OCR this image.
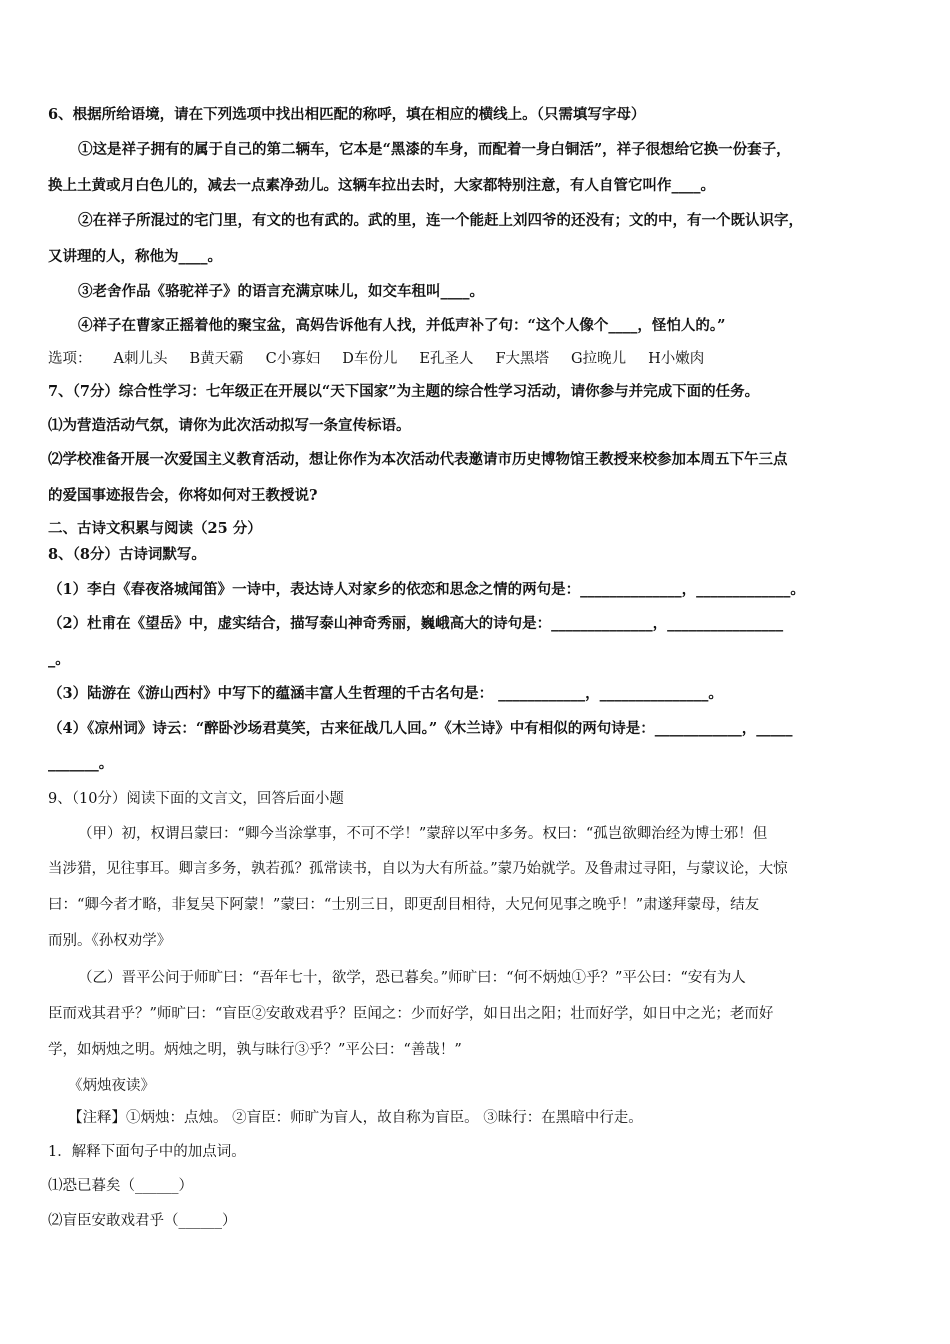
6、根据所给语境，请在下列选项中找出相匹配的称呼，填在相应的横线上。（只需填写字母）
①这是祥子拥有的属于自己的第二辆车，它本是“黑漆的车身，而配着一身白铜活”，祥子很想给它换一份套子，
换上土黄或月白色儿的，减去一点素净劲儿。这辆车拉出去时，大家都特别注意，有人自管它叫作____。
②在祥子所混过的宅门里，有文的也有武的。武的里，连一个能赶上刘四爷的还没有；文的中，有一个既认识字，
又讲理的人，称他为____。
③老舍作品《骆驼祥子》的语言充满京味儿，如交车租叫____。
④祥子在曹家正摇着他的聚宝盆，高妈告诉他有人找，并低声补了句：“这个人像个____，怪怕人的。”
选项： A刺儿头 B黄天霸 C小寡妇 D车份儿 E孔圣人 F大黑塔 G拉晚儿 H小嫩肉
7、（7分）综合性学习：七年级正在开展以“天下国家”为主题的综合性学习活动，请你参与并完成下面的任务。
⑴为营造活动气氛，请你为此次活动拟写一条宣传标语。
⑵学校准备开展一次爱国主义教育活动，想让你作为本次活动代表邀请市历史博物馆王教授来校参加本周五下午三点
的爱国事迹报告会，你将如何对王教授说?
二、古诗文积累与阅读（25 分）
8、（8分）古诗词默写。
（1）李白《春夜洛城闻笛》一诗中，表达诗人对家乡的依恋和思念之情的两句是：______________，_____________。
（2）杜甫在《望岳》中，虚实结合，描写泰山神奇秀丽，巍峨高大的诗句是：______________，________________
_。
（3）陆游在《游山西村》中写下的蕴涵丰富人生哲理的千古名句是： ____________，_______________。
（4）《凉州词》诗云：“醉卧沙场君莫笑，古来征战几人回。”《木兰诗》中有相似的两句诗是：____________，_____
_______。
9、（10分）阅读下面的文言文，回答后面小题
（甲）初，权谓吕蒙曰：“卿今当涂掌事，不可不学！”蒙辞以军中多务。权曰：“孤岂欲卿治经为博士邪！但
当涉猎，见往事耳。卿言多务，孰若孤？孤常读书，自以为大有所益。”蒙乃始就学。及鲁肃过寻阳，与蒙议论，大惊
曰：“卿今者才略，非复吴下阿蒙！”蒙曰：“士别三日，即更刮目相待，大兄何见事之晚乎！”肃遂拜蒙母，结友
而别。《孙权劝学》
（乙）晋平公问于师旷曰：“吾年七十，欲学，恐已暮矣。”师旷曰：“何不炳烛①乎？”平公曰：“安有为人
臣而戏其君乎？”师旷曰：“盲臣②安敢戏君乎？臣闻之：少而好学，如日出之阳；壮而好学，如日中之光；老而好
学，如炳烛之明。炳烛之明，孰与昧行③乎？”平公曰：“善哉！”
《炳烛夜读》
【注释】①炳烛：点烛。 ②盲臣：师旷为盲人，故自称为盲臣。 ③昧行：在黑暗中行走。
1．解释下面句子中的加点词。
⑴恐已暮矣（______）
⑵盲臣安敢戏君乎（______）
